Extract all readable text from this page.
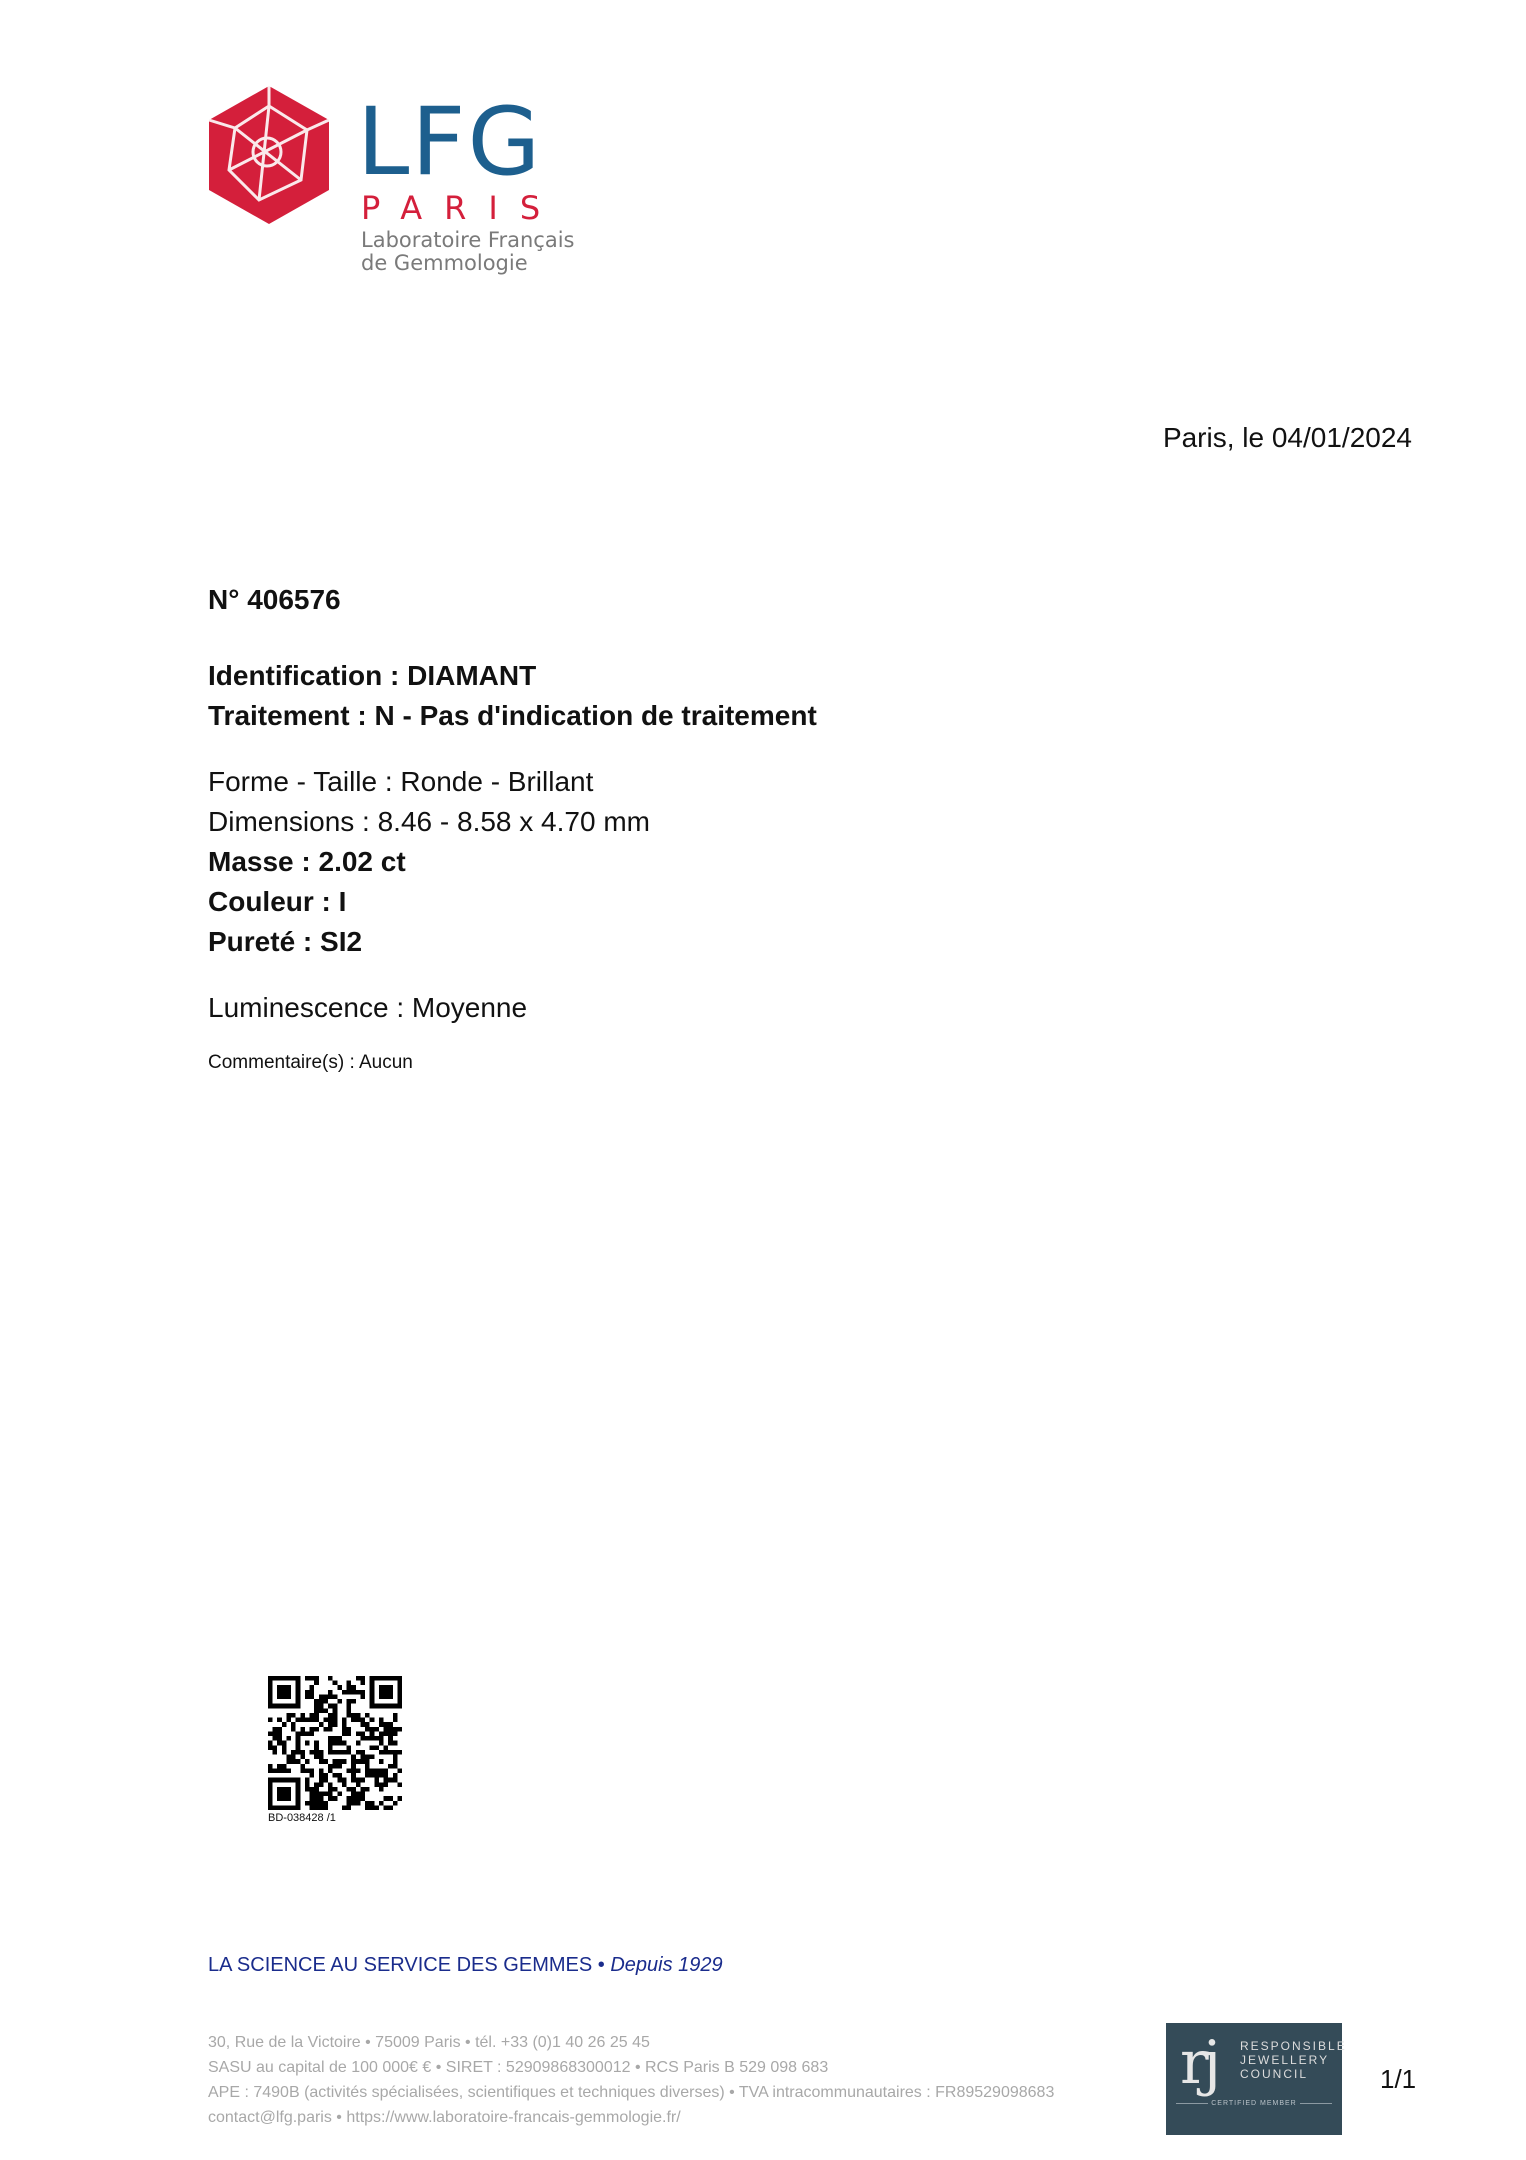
LFG
PARIS
Laboratoire Français
de Gemmologie
Paris, le 04/01/2024
N° 406576
Identification : DIAMANT
Traitement : N - Pas d'indication de traitement
Forme - Taille : Ronde - Brillant
Dimensions : 8.46 - 8.58 x 4.70 mm
Masse : 2.02 ct
Couleur : I
Pureté : SI2
Luminescence : Moyenne
Commentaire(s) : Aucun
BD-038428 /1
LA SCIENCE AU SERVICE DES GEMMES • Depuis 1929
30, Rue de la Victoire • 75009 Paris • tél. +33 (0)1 40 26 25 45
SASU au capital de 100 000€ € • SIRET : 52909868300012 • RCS Paris B 529 098 683
APE : 7490B (activités spécialisées, scientifiques et techniques diverses) • TVA intracommunautaires : FR89529098683
contact@lfg.paris • https://www.laboratoire-francais-gemmologie.fr/
rj RESPONSIBLE
JEWELLERY
COUNCIL
CERTIFIED MEMBER
1/1
